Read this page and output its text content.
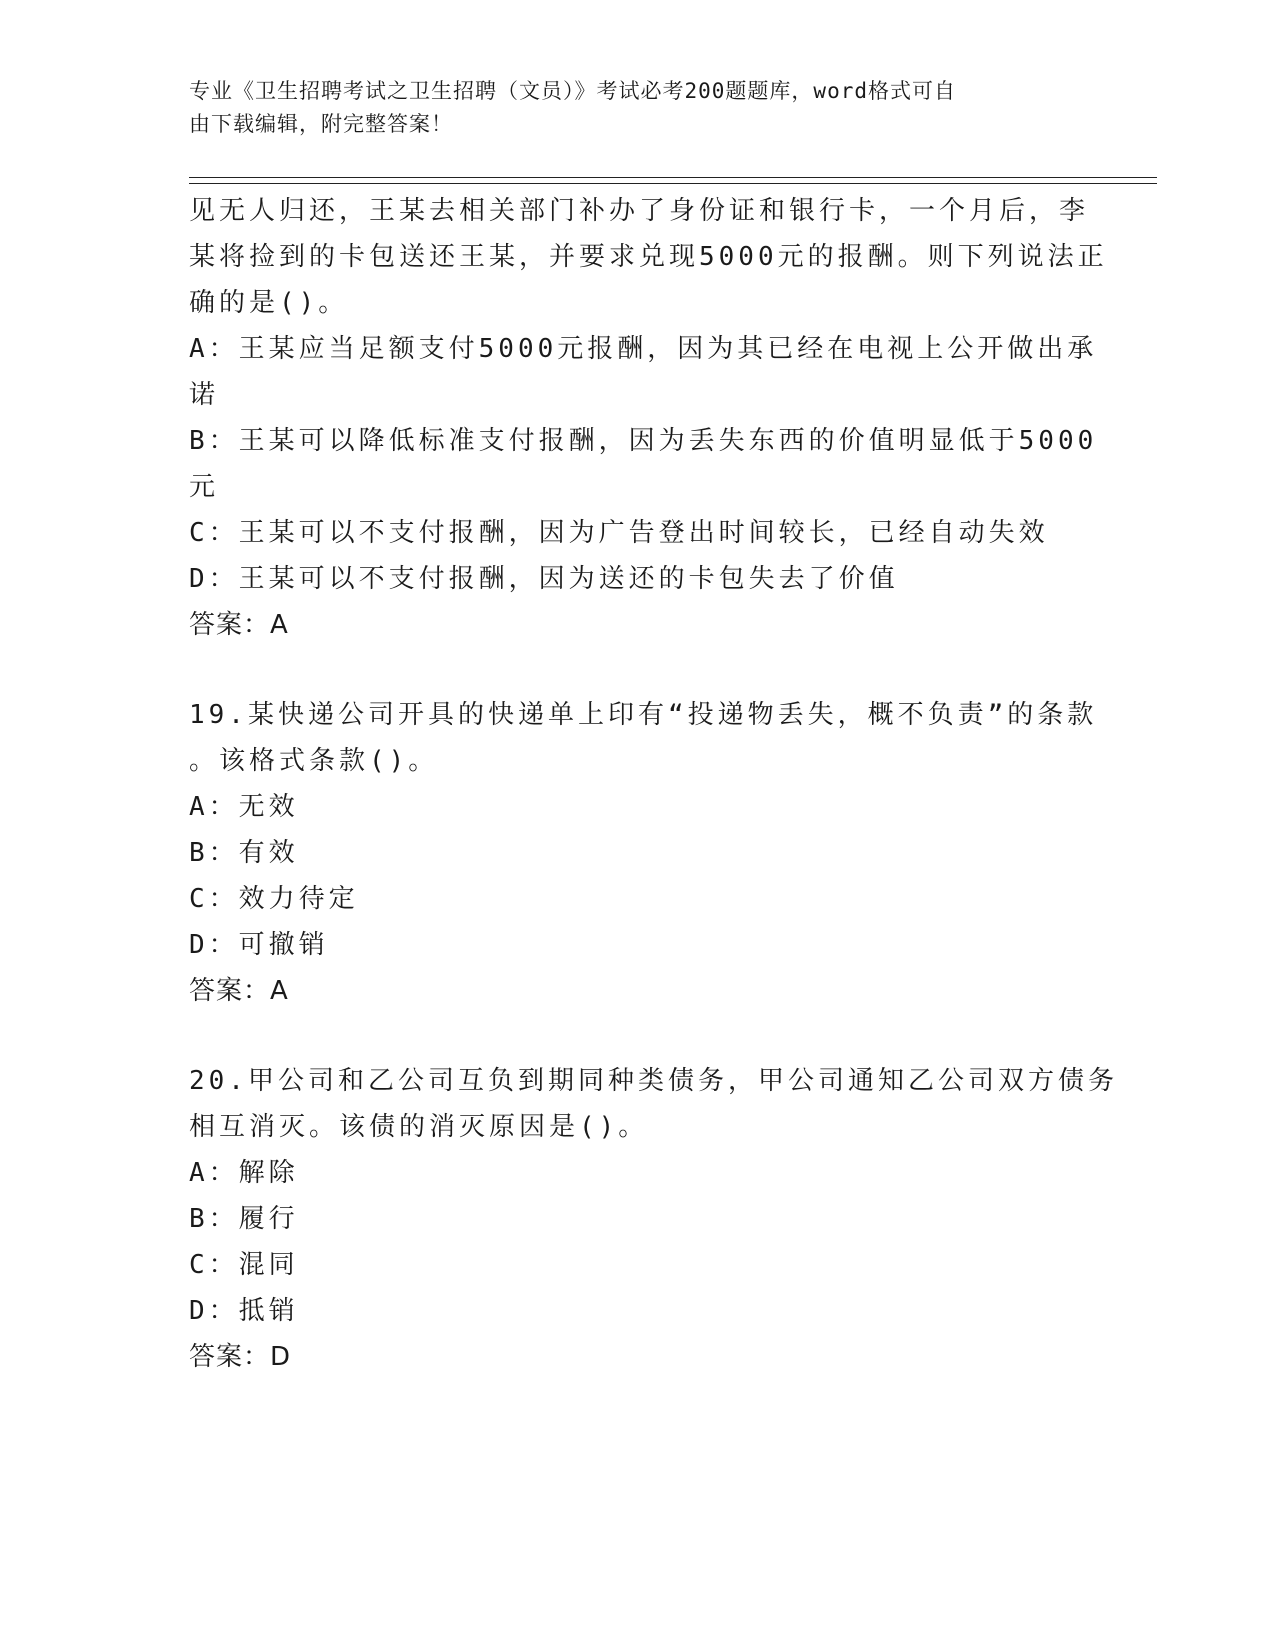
专业《卫生招聘考试之卫生招聘（文员）》考试必考200题题库，word格式可自
由下载编辑，附完整答案！
见无人归还，王某去相关部门补办了身份证和银行卡，一个月后，李
某将捡到的卡包送还王某，并要求兑现5000元的报酬。则下列说法正
确的是()。
A：王某应当足额支付5000元报酬，因为其已经在电视上公开做出承
诺
B：王某可以降低标准支付报酬，因为丢失东西的价值明显低于5000
元
C：王某可以不支付报酬，因为广告登出时间较长，已经自动失效
D：王某可以不支付报酬，因为送还的卡包失去了价值
答案：A
19.某快递公司开具的快递单上印有“投递物丢失，概不负责”的条款
。该格式条款()。
A：无效
B：有效
C：效力待定
D：可撤销
答案：A
20.甲公司和乙公司互负到期同种类债务，甲公司通知乙公司双方债务
相互消灭。该债的消灭原因是()。
A：解除
B：履行
C：混同
D：抵销
答案：D
